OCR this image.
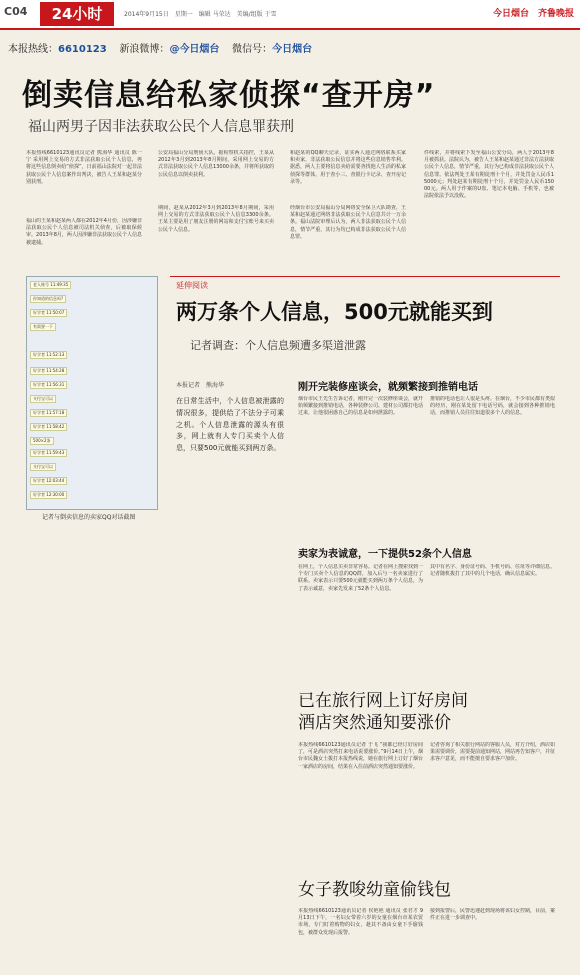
C04	24小时	2014年9月15日　星期一　编辑 马荣达　美编/组版 于雪	今日烟台　齐鲁晚报
本报热线：6610123 新浪微博：@今日烟台 微信号：今日烟台
倒卖信息给私家侦探“查开房”
福山两男子因非法获取公民个人信息罪获刑
本报热线6610123通讯员记者 熊海华 通讯员 陈一宁 采用网上交易的方式非法获取公民个人信息，再将这些信息倒卖给“侦探”，日前福山法院对一起非法获取公民个人信息案作出判决，被告人王某和赵某分别获刑。
福山的王某和赵某两人都在2012年4月份，因涉嫌非法获取公民个人信息被司法机关侦查，后被取保候审。2013年8月，两人因涉嫌非法获取公民个人信息被逮捕。
公安局福山分局刑侦大队。据检察机关指控，王某从2012年3月到2013年8月期间，采用网上交易的方式非法获取公民个人信息13000余条，并将所获取的公民信息以倒卖获利。
期间，赵某从2012年3月到2013年8月期间，采用网上交易的方式非法获取公民个人信息3300余条。王某主要是用了朋友注册的网站和支付宝账号来买卖公民个人信息。
和赵某的QQ聊天记录，证实两人通过网络联系买家和卖家，非法获取公民信息并将这些信息销售牟利。据悉，两人主要将信息卖给需要查找他人生活的私家侦探等群体，用于查小三、查银行卡记录、查开房记录等。
经烟台市公安局福山分局网络安全保卫大队勘查，王某和赵某通过网络非法获取公民个人信息共计一万余条。福山法院审理后认为，两人非法获取公民个人信息，情节严重，其行为均已构成非法获取公民个人信息罪。
件线索，并将线索下发至福山公安分局，两人于2013年8月被抓获。法院认为，被告人王某和赵某通过非法方法获取公民个人信息，情节严重，其行为已构成非法获取公民个人信息罪。依法判处王某有期徒刑十个月，并处罚金人民币15000元；判处赵某有期徒刑十个月，并处罚金人民币15000元。两人用于作案的U盘、笔记本电脑、手机等，也被法院依法予以没收。
老人账号 11:49:35
你知道的信息吗?
好学者 11:50:07
有需要一下
好学者 11:52:13
好学者 11:54:28
好学者 11:56:31
支付宝可以
好学者 11:57:18
好学者 11:58:42
500×2条
好学者 11:59:43
支付宝可以
好学者 12:03:44
好学者 12:30:00
记者与倒卖信息的卖家QQ对话截图
延伸阅读
两万条个人信息，500元就能买到
记者调查：个人信息频遭多渠道泄露
本报记者　熊海华
在日常生活中，个人信息被泄露的情况很多，提供给了不法分子可乘之机。个人信息泄露的源头有很多，网上就有人专门买卖个人信息，只要500元就能买到两万条。
刚开完装修座谈会，就频繁接到推销电话
烟台市民王先生告诉记者，刚开完一次装修座谈会，就开始频繁接到推销电话，各种装修公司、建材公司都打电话过来，让他很困惑自己的信息是如何泄露的。
推销的电话也让人很是头疼。在烟台，不少市民都有类似的经历，刚在某处留下电话号码，就会接到各种推销电话，而推销人员往往知道很多个人的信息。
卖家为表诚意，一下提供52条个人信息
在网上，个人信息买卖非常容易。记者在网上搜索找到一个专门买卖个人信息的QQ群，加入后与一名卖家进行了联系。卖家表示只要500元就能买到两万条个人信息，为了表示诚意，卖家先发来了52条个人信息。
其中有名字、身份证号码、手机号码、住址等详细信息。记者随机拨打了其中的几个电话，确认信息属实。
已在旅行网上订好房间
酒店突然通知要涨价
本报热线6610123通讯员记者 于飞 “我都已经订好房间了，可是酒店突然打来电话说要涨价。”9月14日上午，烟台市民魏女士拨打本报热线说，她在旅行网上订好了烟台一家酒店的房间，结果在入住前酒店突然通知要涨价。
记者咨询了相关旅行网站的客服人员，对方介绍，酒店如果需要调价，需要提前通知网站，网站再告知客户，并征求客户意见，而不能擅自要求客户加价。
女子教唆幼童偷钱包
本报热线6610123通讯员记者 侯艳艳 通讯员 张君才 9月13日下午，一名妇女带着六岁的女童在烟台市某农贸市场，专门盯着购物的妇女，趁其不备由女童下手偷钱包，被群众发现后报警。
接到报警后，民警迅速赶到现场将该妇女控制，目前，案件正在进一步调查中。
